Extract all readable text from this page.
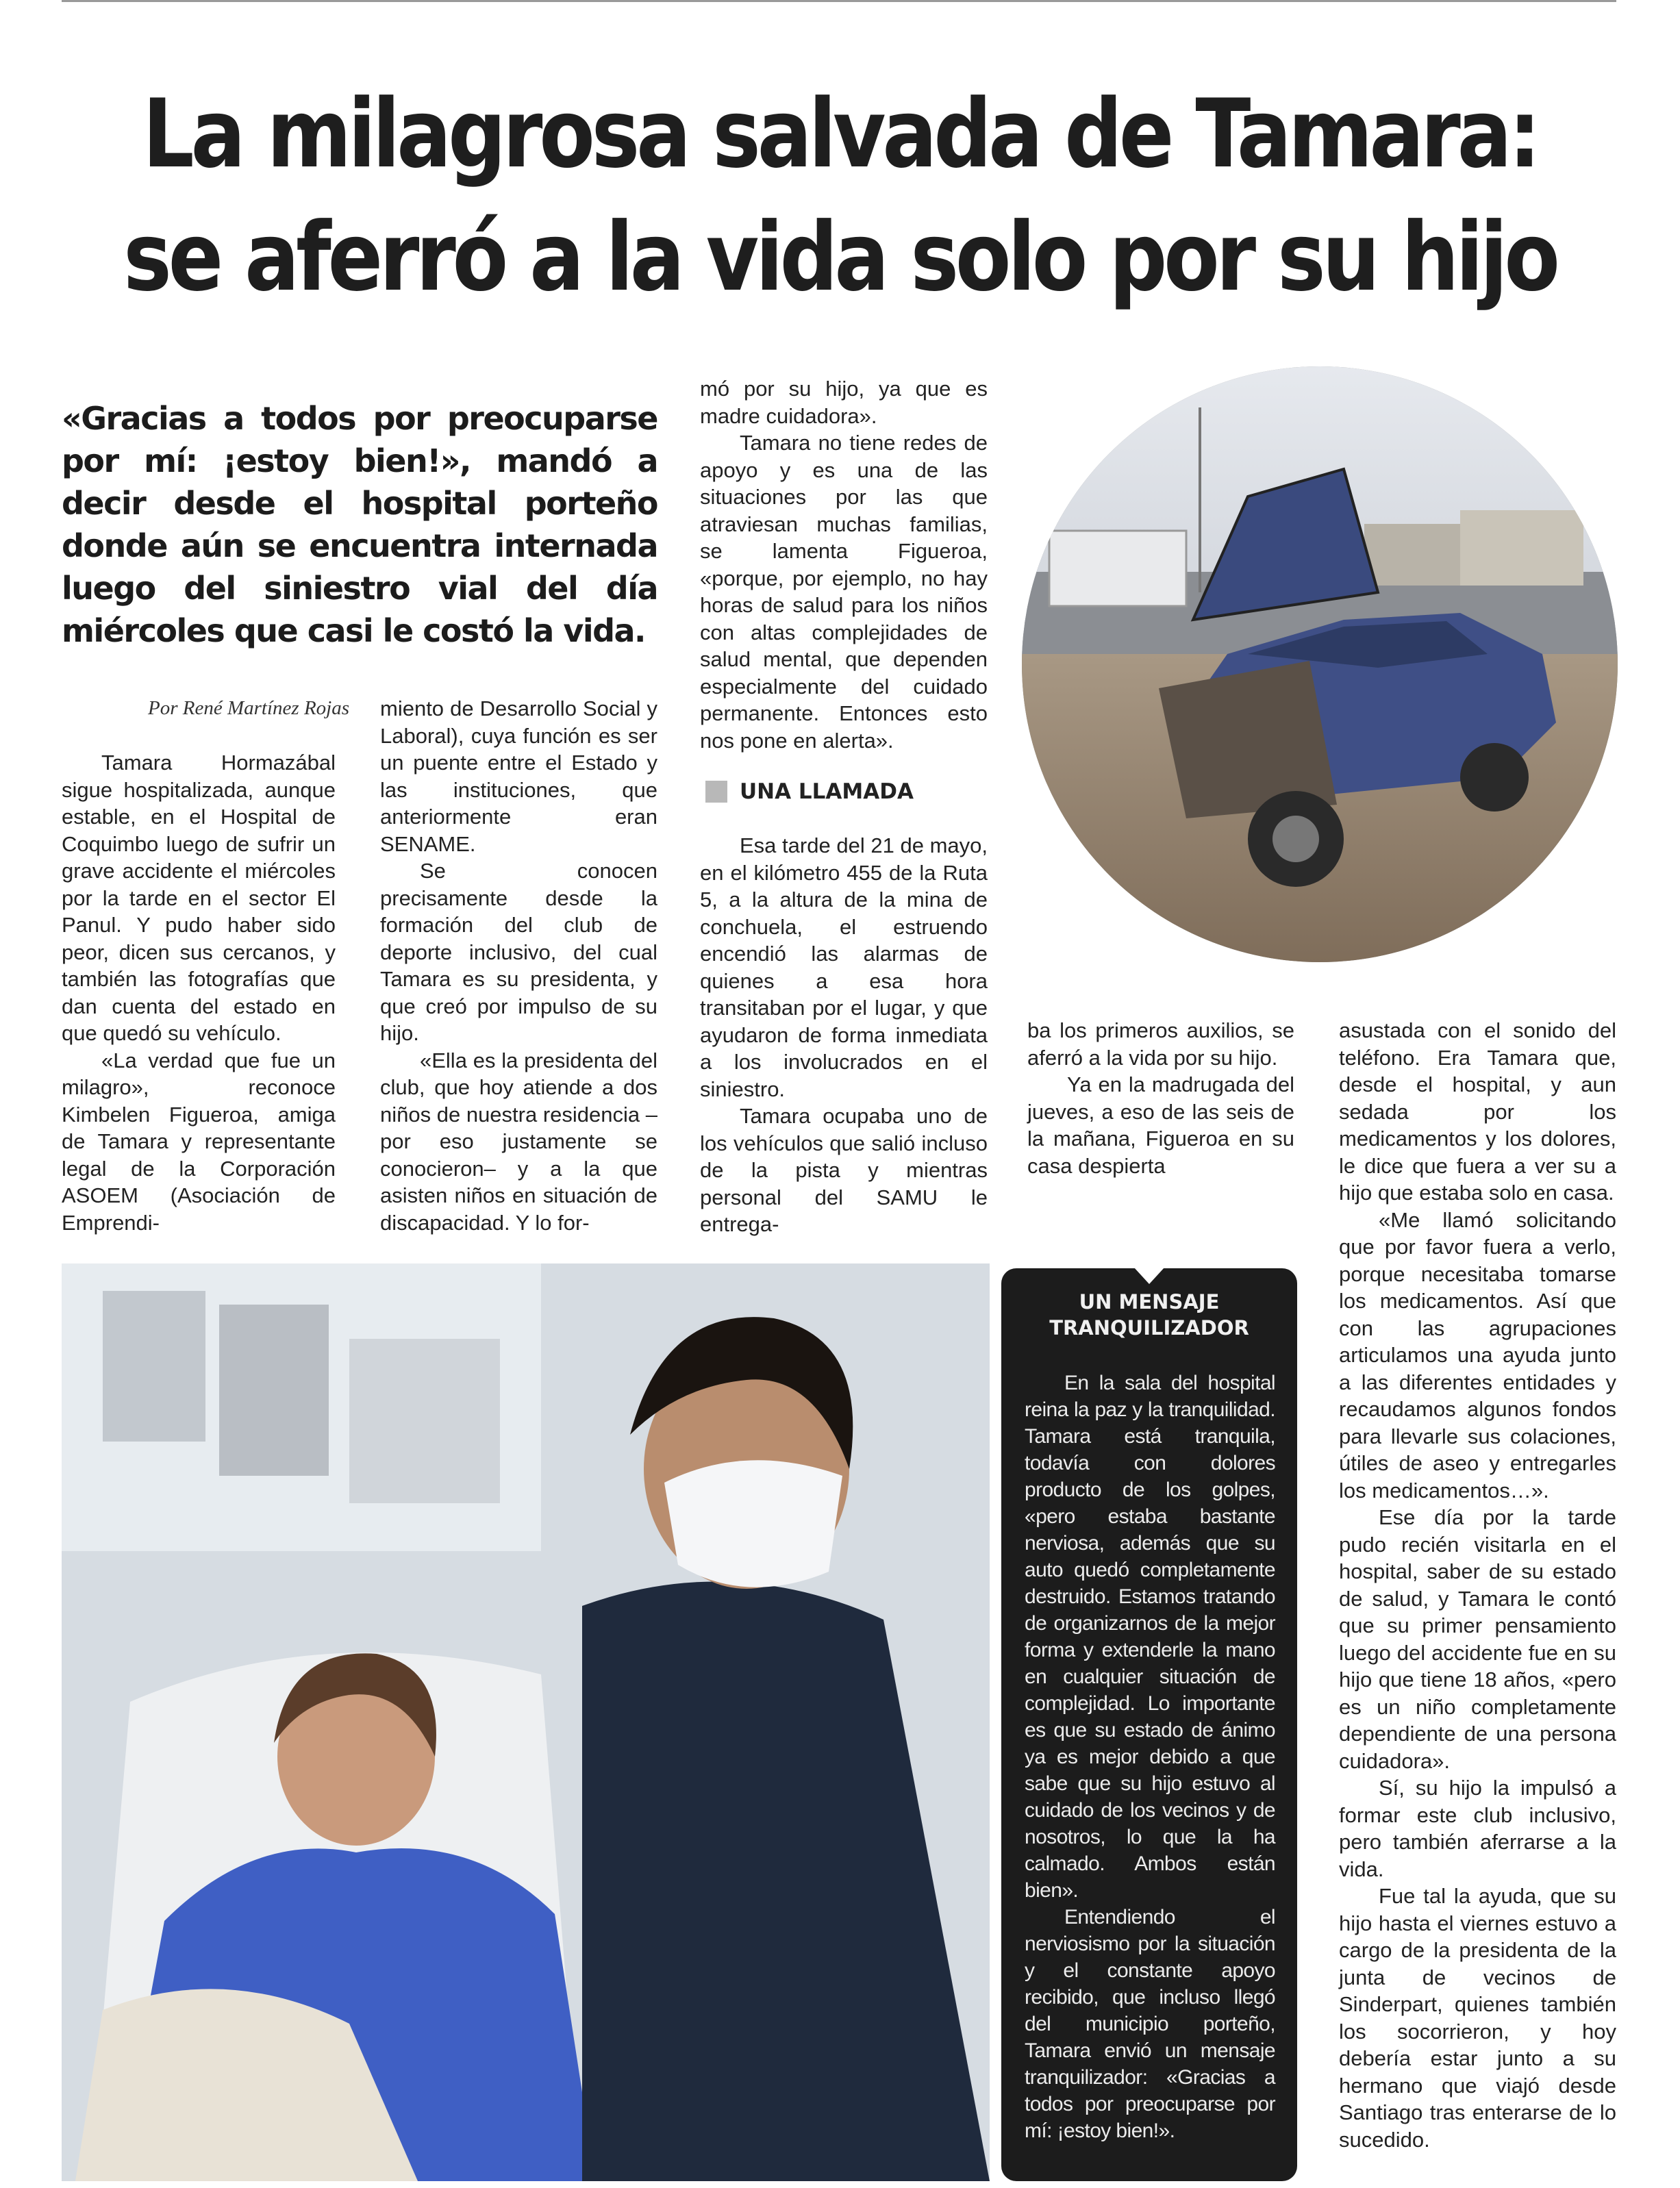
La milagrosa salvada de Tamara:
se aferró a la vida solo por su hijo
«Gracias a todos por preocuparse por mí: ¡estoy bien!», mandó a decir desde el hospital porteño donde aún se encuentra internada luego del siniestro vial del día miércoles que casi le costó la vida.
Por René Martínez Rojas

Tamara Hormazábal sigue hospitalizada, aunque estable, en el Hospital de Coquimbo luego de sufrir un grave accidente el miércoles por la tarde en el sector El Panul. Y pudo haber sido peor, dicen sus cercanos, y también las fotografías que dan cuenta del estado en que quedó su vehículo.

«La verdad que fue un milagro», reconoce Kimbelen Figueroa, amiga de Tamara y representante legal de la Corporación ASOEM (Asociación de Emprendi-

miento de Desarrollo Social y Laboral), cuya función es ser un puente entre el Estado y las instituciones, que anteriormente eran SENAME.

Se conocen precisamente desde la formación del club de deporte inclusivo, del cual Tamara es su presidenta, y que creó por impulso de su hijo.

«Ella es la presidenta del club, que hoy atiende a dos niños de nuestra residencia –por eso justamente se conocieron– y a la que asisten niños en situación de discapacidad. Y lo for-

mó por su hijo, ya que es madre cuidadora».

Tamara no tiene redes de apoyo y es una de las situaciones por las que atraviesan muchas familias, se lamenta Figueroa, «porque, por ejemplo, no hay horas de salud para los niños con altas complejidades de salud mental, que dependen especialmente del cuidado permanente. Entonces esto nos pone en alerta».

UNA LLAMADA

Esa tarde del 21 de mayo, en el kilómetro 455 de la Ruta 5, a la altura de la mina de conchuela, el estruendo encendió las alarmas de quienes a esa hora transitaban por el lugar, y que ayudaron de forma inmediata a los involucrados en el siniestro.

Tamara ocupaba uno de los vehículos que salió incluso de la pista y mientras personal del SAMU le entrega-

ba los primeros auxilios, se aferró a la vida por su hijo.

Ya en la madrugada del jueves, a eso de las seis de la mañana, Figueroa en su casa despierta

asustada con el sonido del teléfono. Era Tamara que, desde el hospital, y aun sedada por los medicamentos y los dolores, le dice que fuera a ver su a hijo que estaba solo en casa.

«Me llamó solicitando que por favor fuera a verlo, porque necesitaba tomarse los medicamentos. Así que con las agrupaciones articulamos una ayuda junto a las diferentes entidades y recaudamos algunos fondos para llevarle sus colaciones, útiles de aseo y entregarles los medicamentos…».

Ese día por la tarde pudo recién visitarla en el hospital, saber de su estado de salud, y Tamara le contó que su primer pensamiento luego del accidente fue en su hijo que tiene 18 años, «pero es un niño completamente dependiente de una persona cuidadora».

Sí, su hijo la impulsó a formar este club inclusivo, pero también aferrarse a la vida.

Fue tal la ayuda, que su hijo hasta el viernes estuvo a cargo de la presidenta de la junta de vecinos de Sinderpart, quienes también los socorrieron, y hoy debería estar junto a su hermano que viajó desde Santiago tras enterarse de lo sucedido.

UN MENSAJE
TRANQUILIZADOR

En la sala del hospital reina la paz y la tranquilidad. Tamara está tranquila, todavía con dolores producto de los golpes, «pero estaba bastante nerviosa, además que su auto quedó completamente destruido. Estamos tratando de organizarnos de la mejor forma y extenderle la mano en cualquier situación de complejidad. Lo importante es que su estado de ánimo ya es mejor debido a que sabe que su hijo estuvo al cuidado de los vecinos y de nosotros, lo que la ha calmado. Ambos están bien».

Entendiendo el nerviosismo por la situación y el constante apoyo recibido, que incluso llegó del municipio porteño, Tamara envió un mensaje tranquilizador: «Gracias a todos por preocuparse por mí: ¡estoy bien!».
